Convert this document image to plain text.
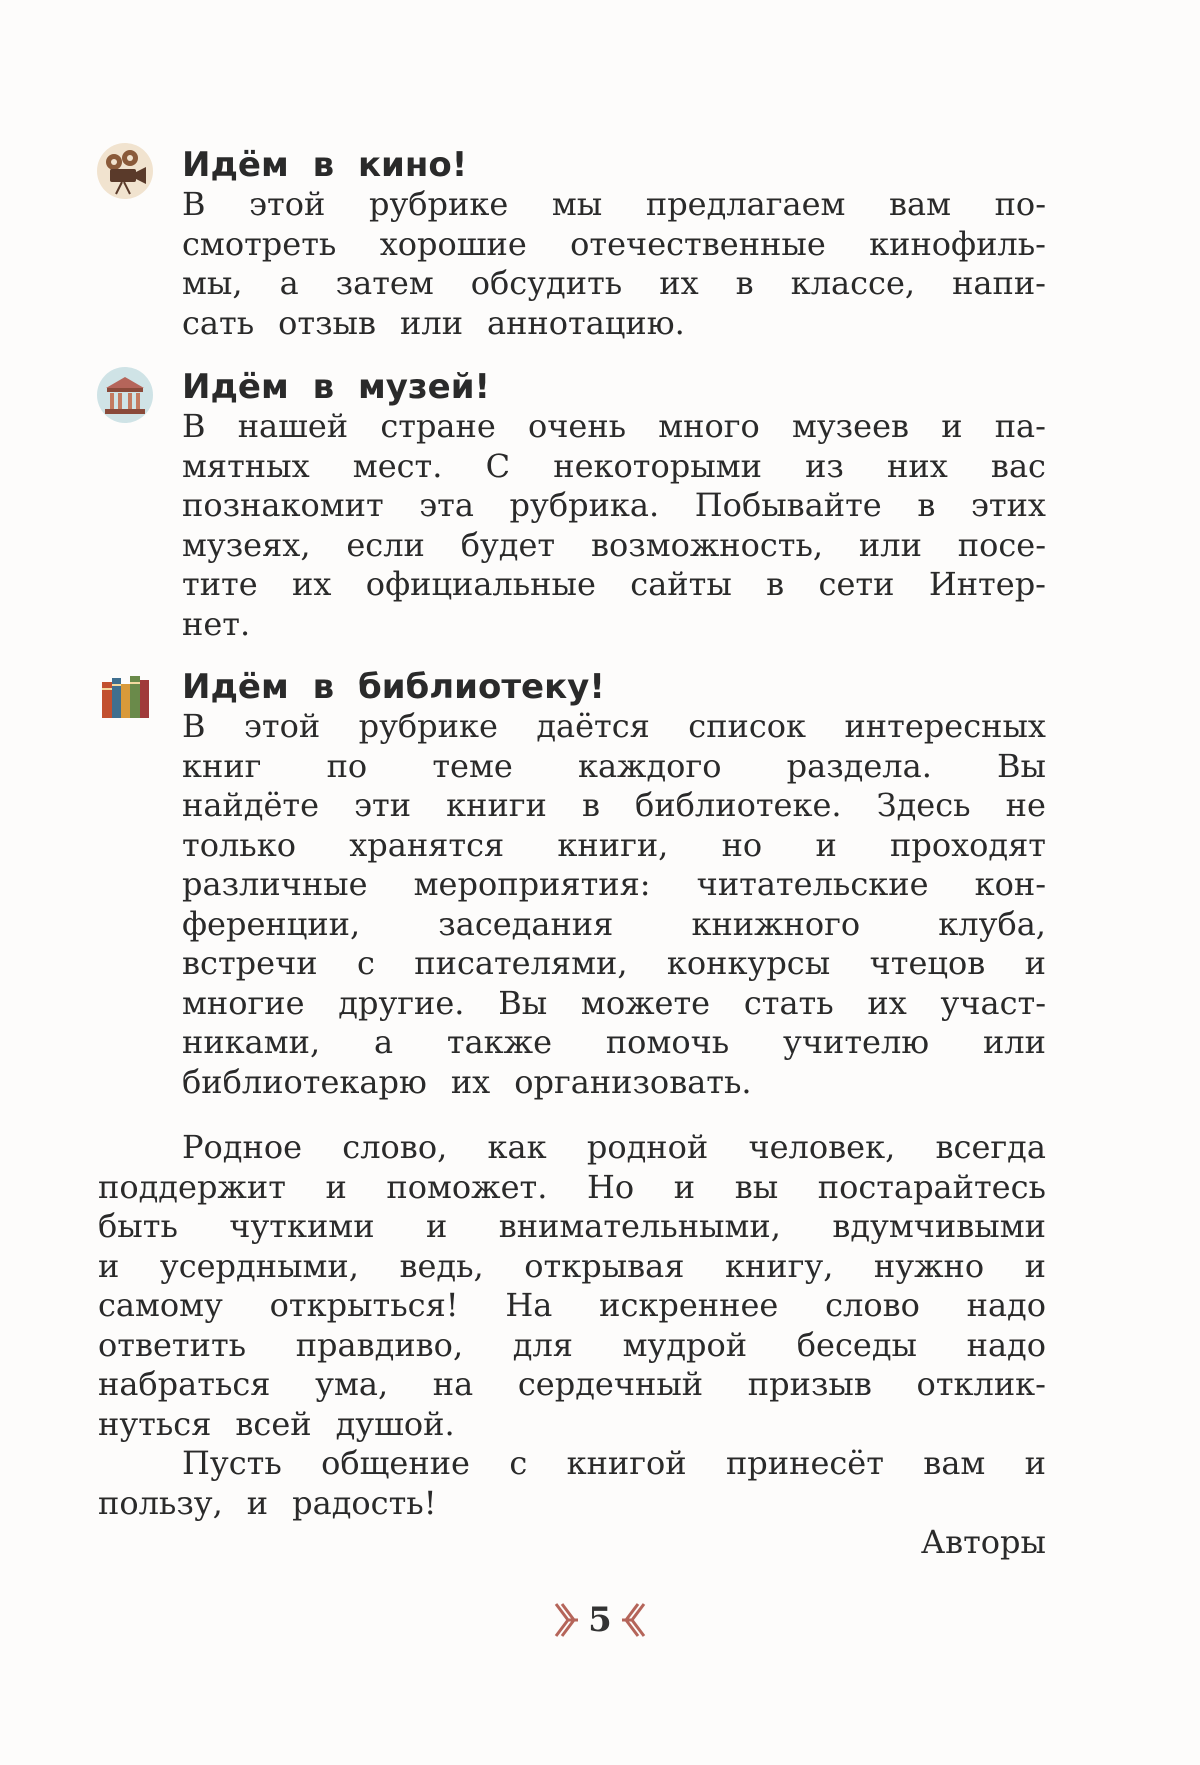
Идём в кино!
В этой рубрике мы предлагаем вам по-
смотреть хорошие отечественные кинофиль-
мы, а затем обсудить их в классе, напи-
сать отзыв или аннотацию.
Идём в музей!
В нашей стране очень много музеев и па-
мятных мест. С некоторыми из них вас
познакомит эта рубрика. Побывайте в этих
музеях, если будет возможность, или посе-
тите их официальные сайты в сети Интер-
нет.
Идём в библиотеку!
В этой рубрике даётся список интересных
книг по теме каждого раздела. Вы
найдёте эти книги в библиотеке. Здесь не
только хранятся книги, но и проходят
различные мероприятия: читательские кон-
ференции, заседания книжного клуба,
встречи с писателями, конкурсы чтецов и
многие другие. Вы можете стать их участ-
никами, а также помочь учителю или
библиотекарю их организовать.
Родное слово, как родной человек, всегда
поддержит и поможет. Но и вы постарайтесь
быть чуткими и внимательными, вдумчивыми
и усердными, ведь, открывая книгу, нужно и
самому открыться! На искреннее слово надо
ответить правдиво, для мудрой беседы надо
набраться ума, на сердечный призыв отклик-
нуться всей душой.
Пусть общение с книгой принесёт вам и
пользу, и радость!
Авторы
5
